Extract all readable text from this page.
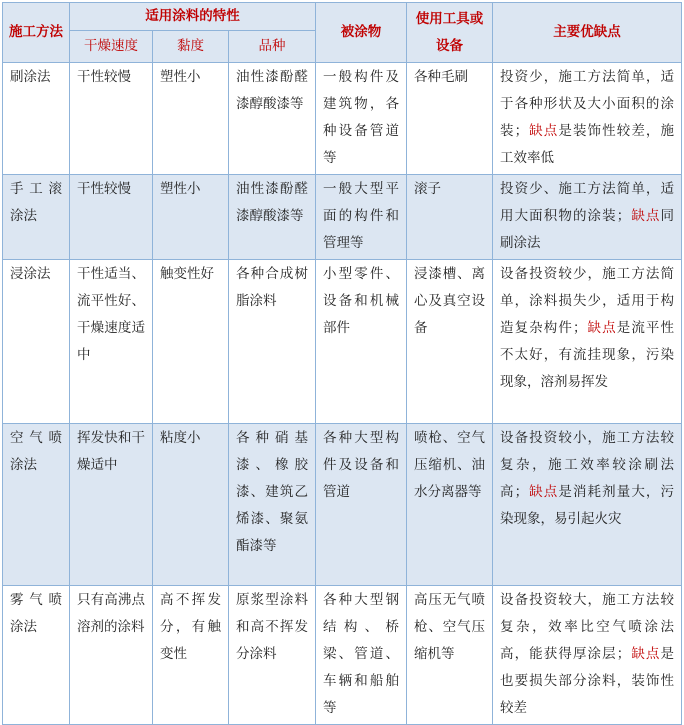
施工方法	适用涂料的特性			被涂物	使用工具或设备	主要优缺点
	干燥速度	黏度	品种			
刷涂法	干性较慢	塑性小	油性漆酚醛漆醇酸漆等	一般构件及建筑物，各种设备管道等	各种毛刷	投资少，施工方法简单，适于各种形状及大小面积的涂装；缺点是装饰性较差，施工效率低
手工滚涂法	干性较慢	塑性小	油性漆酚醛漆醇酸漆等	一般大型平面的构件和管理等	滚子	投资少、施工方法简单，适用大面积物的涂装；缺点同刷涂法
浸涂法	干性适当、流平性好、干燥速度适中	触变性好	各种合成树脂涂料	小型零件、设备和机械部件	浸漆槽、离心及真空设备	设备投资较少，施工方法简单，涂料损失少，适用于构造复杂构件；缺点是流平性不太好，有流挂现象，污染现象，溶剂易挥发
空气喷涂法	挥发快和干燥适中	粘度小	各种硝基漆、橡胶漆、建筑乙烯漆、聚氨酯漆等	各种大型构件及设备和管道	喷枪、空气压缩机、油水分离器等	设备投资较小，施工方法较复杂，施工效率较涂刷法高；缺点是消耗剂量大，污染现象，易引起火灾
雾气喷涂法	只有高沸点溶剂的涂料	高不挥发分，有触变性	原浆型涂料和高不挥发分涂料	各种大型钢结构、桥梁、管道、车辆和船舶等	高压无气喷枪、空气压缩机等	设备投资较大，施工方法较复杂，效率比空气喷涂法高，能获得厚涂层；缺点是也要损失部分涂料，装饰性较差
